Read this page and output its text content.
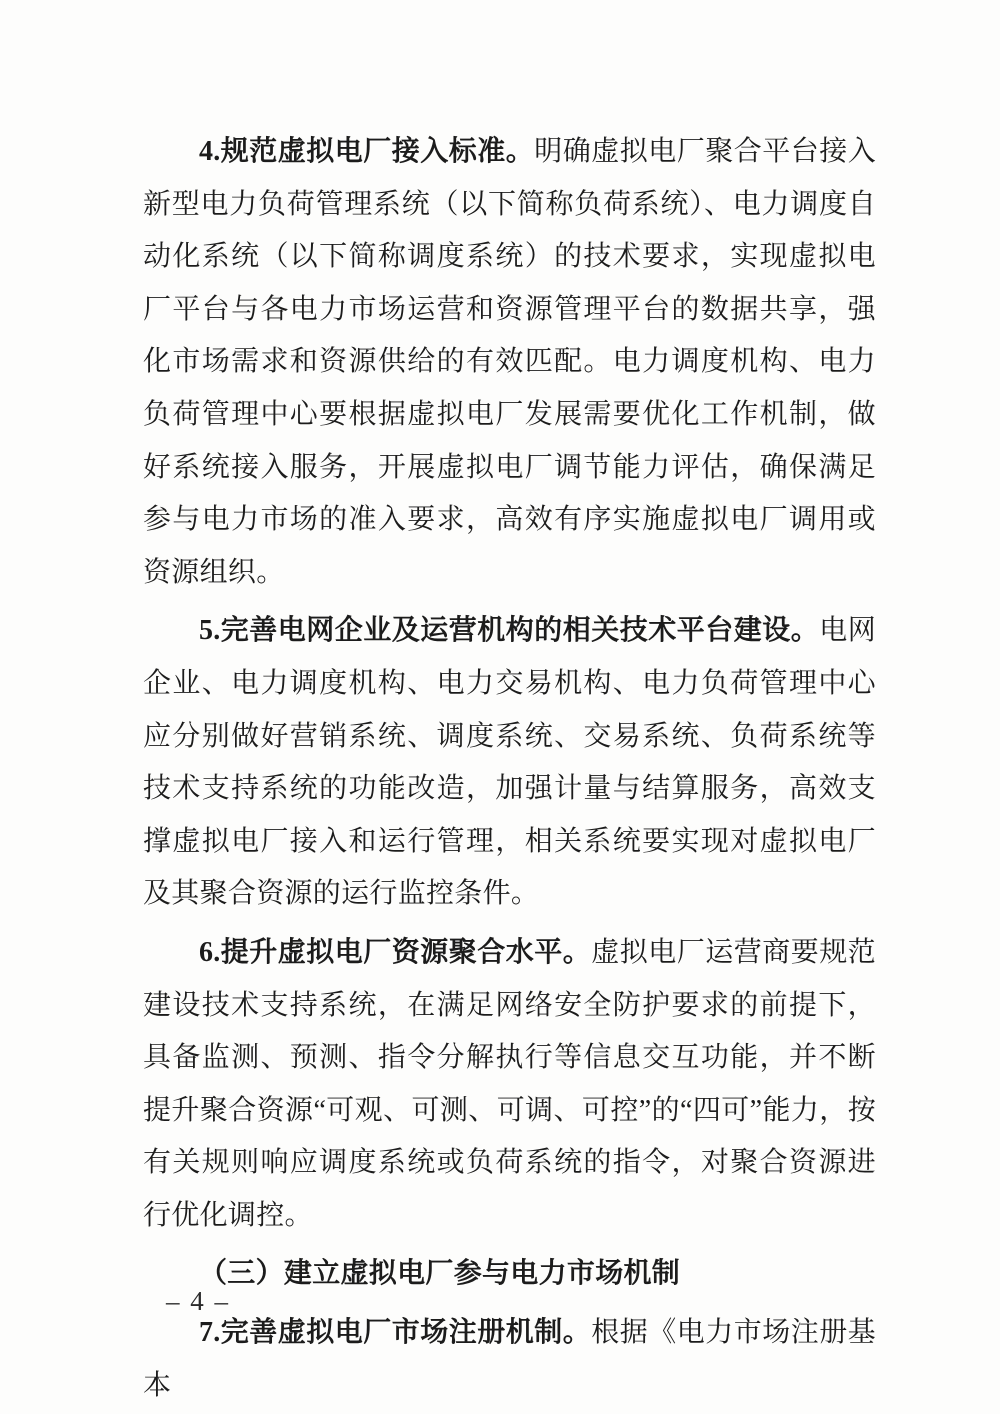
4.规范虚拟电厂接入标准。明确虚拟电厂聚合平台接入新型电力负荷管理系统（以下简称负荷系统）、电力调度自动化系统（以下简称调度系统）的技术要求，实现虚拟电厂平台与各电力市场运营和资源管理平台的数据共享，强化市场需求和资源供给的有效匹配。电力调度机构、电力负荷管理中心要根据虚拟电厂发展需要优化工作机制，做好系统接入服务，开展虚拟电厂调节能力评估，确保满足参与电力市场的准入要求，高效有序实施虚拟电厂调用或资源组织。

5.完善电网企业及运营机构的相关技术平台建设。电网企业、电力调度机构、电力交易机构、电力负荷管理中心应分别做好营销系统、调度系统、交易系统、负荷系统等技术支持系统的功能改造，加强计量与结算服务，高效支撑虚拟电厂接入和运行管理，相关系统要实现对虚拟电厂及其聚合资源的运行监控条件。

6.提升虚拟电厂资源聚合水平。虚拟电厂运营商要规范建设技术支持系统，在满足网络安全防护要求的前提下，具备监测、预测、指令分解执行等信息交互功能，并不断提升聚合资源“可观、可测、可调、可控”的“四可”能力，按有关规则响应调度系统或负荷系统的指令，对聚合资源进行优化调控。

（三）建立虚拟电厂参与电力市场机制

7.完善虚拟电厂市场注册机制。根据《电力市场注册基本

– 4 –
